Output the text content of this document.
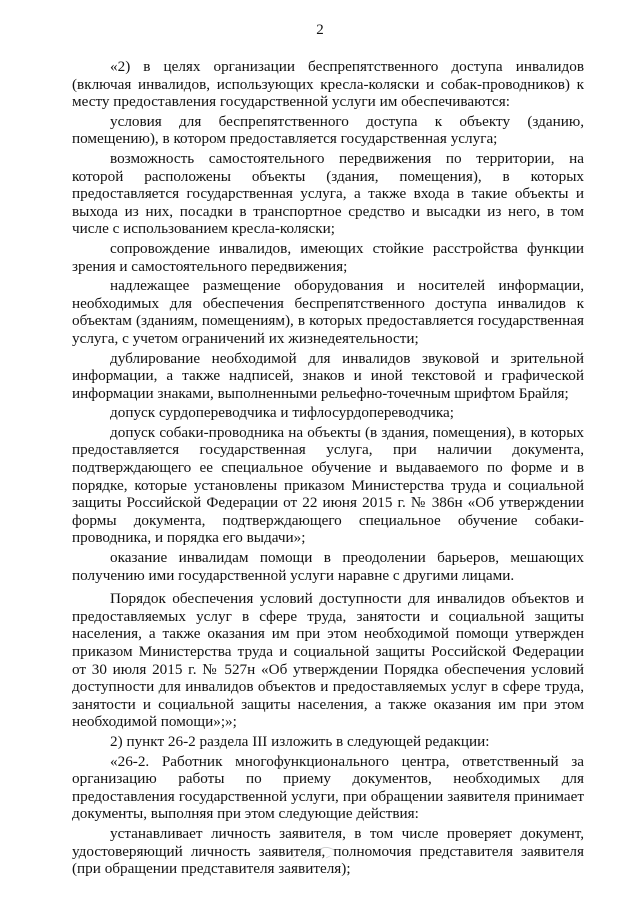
2

«2) в целях организации беспрепятственного доступа инвалидов (включая инвалидов, использующих кресла-коляски и собак-проводников) к месту предоставления государственной услуги им обеспечиваются:

условия для беспрепятственного доступа к объекту (зданию, помещению), в котором предоставляется государственная услуга;

возможность самостоятельного передвижения по территории, на которой расположены объекты (здания, помещения), в которых предоставляется государственная услуга, а также входа в такие объекты и выхода из них, посадки в транспортное средство и высадки из него, в том числе с использованием кресла-коляски;

сопровождение инвалидов, имеющих стойкие расстройства функции зрения и самостоятельного передвижения;

надлежащее размещение оборудования и носителей информации, необходимых для обеспечения беспрепятственного доступа инвалидов к объектам (зданиям, помещениям), в которых предоставляется государственная услуга, с учетом ограничений их жизнедеятельности;

дублирование необходимой для инвалидов звуковой и зрительной информации, а также надписей, знаков и иной текстовой и графической информации знаками, выполненными рельефно-точечным шрифтом Брайля;

допуск сурдопереводчика и тифлосурдопереводчика;

допуск собаки-проводника на объекты (в здания, помещения), в которых предоставляется государственная услуга, при наличии документа, подтверждающего ее специальное обучение и выдаваемого по форме и в порядке, которые установлены приказом Министерства труда и социальной защиты Российской Федерации от 22 июня 2015 г. № 386н «Об утверждении формы документа, подтверждающего специальное обучение собаки-проводника, и порядка его выдачи»;

оказание инвалидам помощи в преодолении барьеров, мешающих получению ими государственной услуги наравне с другими лицами.

Порядок обеспечения условий доступности для инвалидов объектов и предоставляемых услуг в сфере труда, занятости и социальной защиты населения, а также оказания им при этом необходимой помощи утвержден приказом Министерства труда и социальной защиты Российской Федерации от 30 июля 2015 г. № 527н «Об утверждении Порядка обеспечения условий доступности для инвалидов объектов и предоставляемых услуг в сфере труда, занятости и социальной защиты населения, а также оказания им при этом необходимой помощи»;»;

2) пункт 26-2 раздела III изложить в следующей редакции:

«26-2. Работник многофункционального центра, ответственный за организацию работы по приему документов, необходимых для предоставления государственной услуги, при обращении заявителя принимает документы, выполняя при этом следующие действия:

устанавливает личность заявителя, в том числе проверяет документ, удостоверяющий личность заявителя, полномочия представителя заявителя (при обращении представителя заявителя);
